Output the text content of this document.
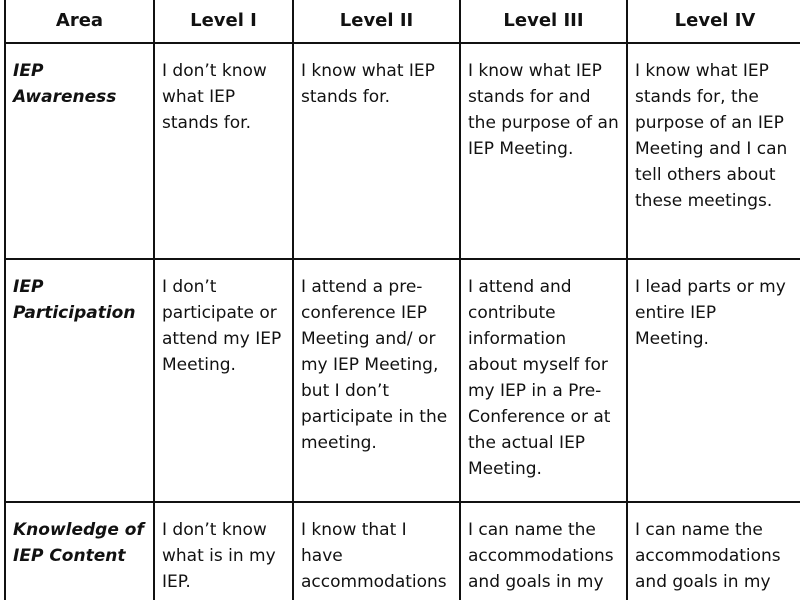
Area	Level I	Level II	Level III	Level IV

IEP Awareness	I don’t know what IEP stands for.	I know what IEP stands for.	I know what IEP stands for and the purpose of an IEP Meeting.	I know what IEP stands for, the purpose of an IEP Meeting and I can tell others about these meetings.

IEP Participation	I don’t participate or attend my IEP Meeting.	I attend a pre-conference IEP Meeting and/ or my IEP Meeting, but I don’t participate in the meeting.	I attend and contribute information about myself for my IEP in a Pre-Conference or at the actual IEP Meeting.	I lead parts or my entire IEP Meeting.

Knowledge of IEP Content	I don’t know what is in my IEP.	I know that I have accommodations	I can name the accommodations and goals in my	I can name the accommodations and goals in my
